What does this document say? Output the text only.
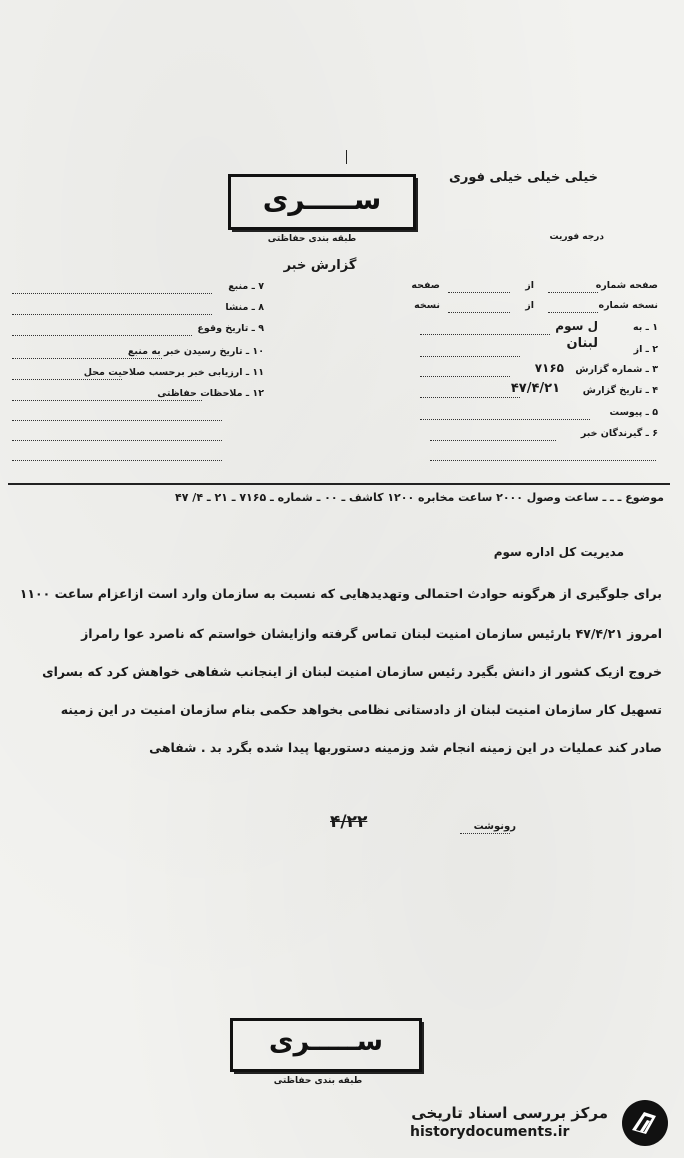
خیلی خیلی خیلی فوری
درجه فوریت
ســـــری
طبقه بندی حفاظتی
گزارش خبر
صفحه شماره
از
صفحه
نسخه شماره
از
نسخه
۱ ـ به
ل سوم
۲ ـ از
لبنان
۳ ـ شماره گزارش
۷۱۶۵
۴ ـ تاریخ گزارش
۴۷/۴/۲۱
۵ ـ پیوست
۶ ـ گیرندگان خبر
۷ ـ منبع
۸ ـ منشا
۹ ـ تاریخ وقوع
۱۰ ـ تاریخ رسیدن خبر به منبع
۱۱ ـ ارزیابی خبر برحسب صلاحیت محل
۱۲ ـ ملاحظات حفاظتی
موضوع ـ ـ ـ ساعت وصول ۲۰۰۰ ساعت مخابره ۱۲۰۰ کاشف ـ ۰۰ ـ شماره ـ ۷۱۶۵ ـ ۲۱ ـ ۴/ ۴۷
مدیریت کل اداره سوم
برای جلوگیری از هرگونه حوادث احتمالی وتهدیدهایی که نسبت به سازمان وارد است ازاعزام ساعت ۱۱۰۰
امروز ۴۷/۴/۲۱ بارئیس سازمان امنیت لبنان تماس گرفته وازایشان خواستم که ناصرد عوا رامراز
خروج ازیک کشور از دانش بگیرد رئیس سازمان امنیت لبنان از اینجانب شفاهی خواهش کرد که بسرای
تسهیل کار سازمان امنیت لبنان از دادستانی نظامی بخواهد حکمی بنام سازمان امنیت در این زمینه
صادر کند عملیات در این زمینه انجام شد وزمینه دستوربها پیدا شده بگرد بد . شفاهی
رونوشت
۴/۲۲
ســـــری
طبقه بندی حفاظتی
مرکز بررسی اسناد تاریخی
historydocuments.ir
